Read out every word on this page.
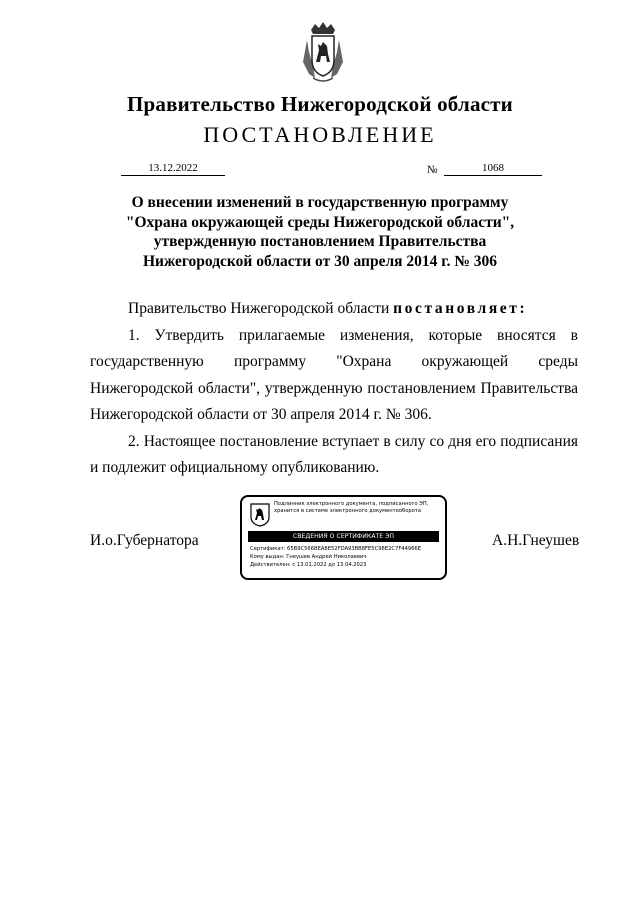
Правительство Нижегородской области
ПОСТАНОВЛЕНИЕ
13.12.2022	№	1068
О внесении изменений в государственную программу
"Охрана окружающей среды Нижегородской области",
утвержденную постановлением Правительства
Нижегородской области от 30 апреля 2014 г. № 306

Правительство Нижегородской области постановляет:

1. Утвердить прилагаемые изменения, которые вносятся в государственную программу "Охрана окружающей среды Нижегородской области", утвержденную постановлением Правительства Нижегородской области от 30 апреля 2014 г. № 306.

2. Настоящее постановление вступает в силу со дня его подписания и подлежит официальному опубликованию.

И.о.Губернатора	А.Н.Гнеушев
Подлинник электронного документа, подписанного ЭП, хранится в системе электронного документооборота
СВЕДЕНИЯ О СЕРТИФИКАТЕ ЭП
Сертификат: 65B9C566BEA8E52FDA93BB8FE5C98E2C7F44966E
Кому выдан: Гнеушев Андрей Николаевич
Действителен: с 13.01.2022 до 13.04.2023
